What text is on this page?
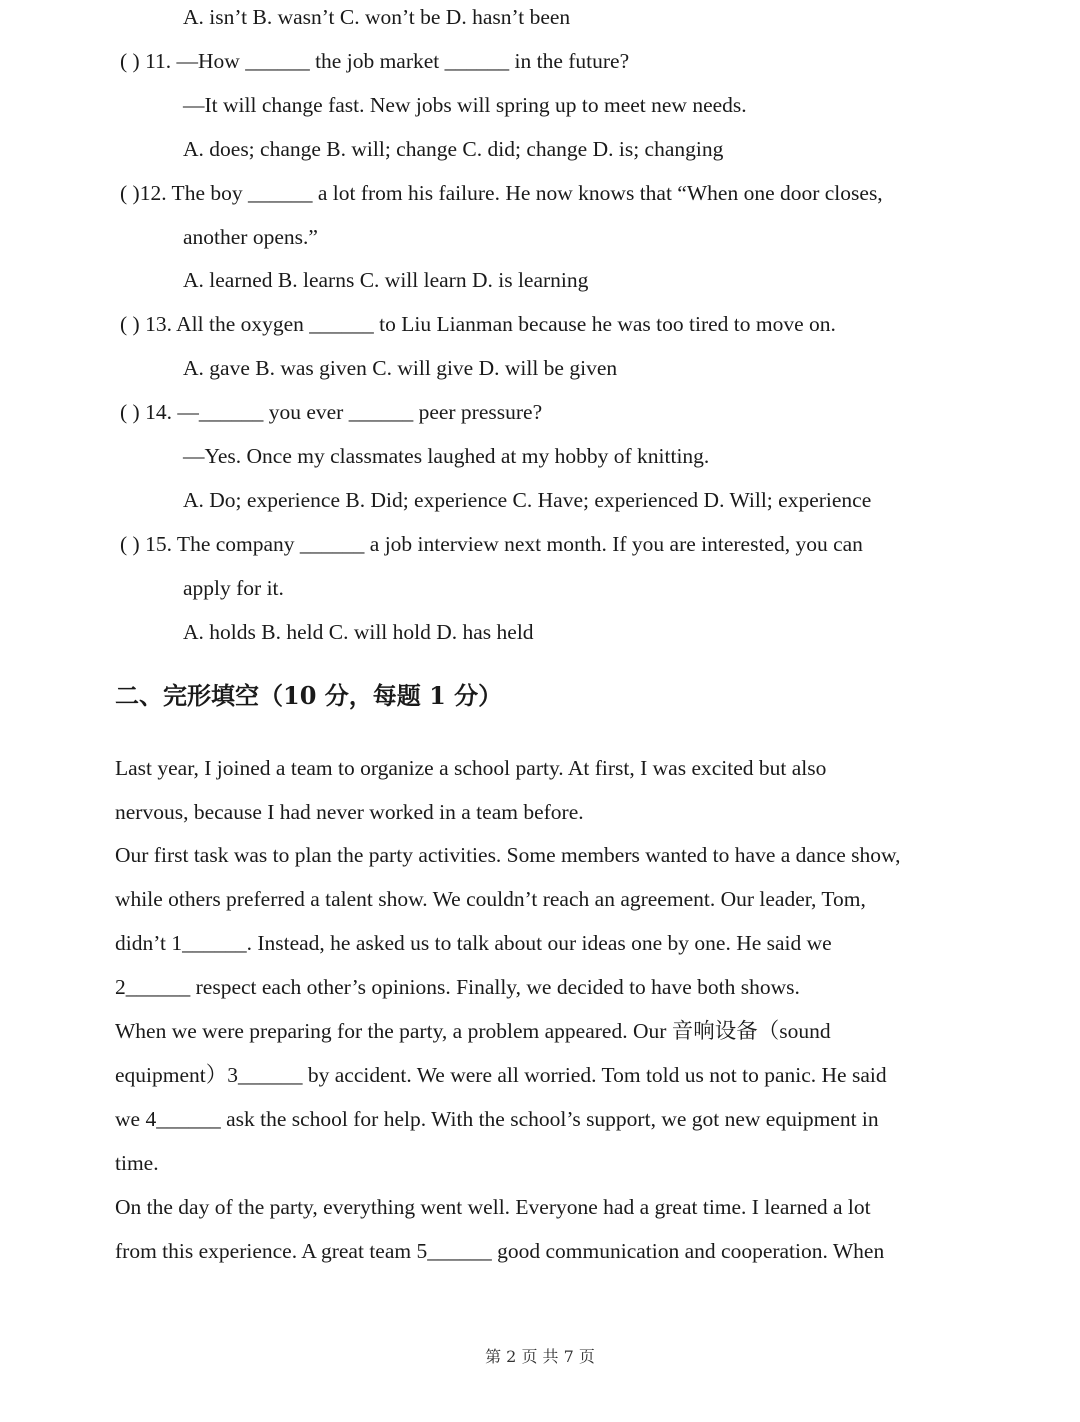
A. isn’t B. wasn’t C. won’t be D. hasn’t been
( ) 11. —How ______ the job market ______ in the future?
—It will change fast. New jobs will spring up to meet new needs.
A. does; change B. will; change C. did; change D. is; changing
( )12. The boy ______ a lot from his failure. He now knows that “When one door closes,
another opens.”
A. learned B. learns C. will learn D. is learning
( ) 13. All the oxygen ______ to Liu Lianman because he was too tired to move on.
A. gave B. was given C. will give D. will be given
( ) 14. —______ you ever ______ peer pressure?
—Yes. Once my classmates laughed at my hobby of knitting.
A. Do; experience B. Did; experience C. Have; experienced D. Will; experience
( ) 15. The company ______ a job interview next month. If you are interested, you can
apply for it.
A. holds B. held C. will hold D. has held
二、完形填空（10 分，每题 1 分）
Last year, I joined a team to organize a school party. At first, I was excited but also
nervous, because I had never worked in a team before.
Our first task was to plan the party activities. Some members wanted to have a dance show,
while others preferred a talent show. We couldn’t reach an agreement. Our leader, Tom,
didn’t 1______. Instead, he asked us to talk about our ideas one by one. He said we
2______ respect each other’s opinions. Finally, we decided to have both shows.
When we were preparing for the party, a problem appeared. Our 音响设备（sound
equipment）3______ by accident. We were all worried. Tom told us not to panic. He said
we 4______ ask the school for help. With the school’s support, we got new equipment in
time.
On the day of the party, everything went well. Everyone had a great time. I learned a lot
from this experience. A great team 5______ good communication and cooperation. When
第 2 页 共 7 页
